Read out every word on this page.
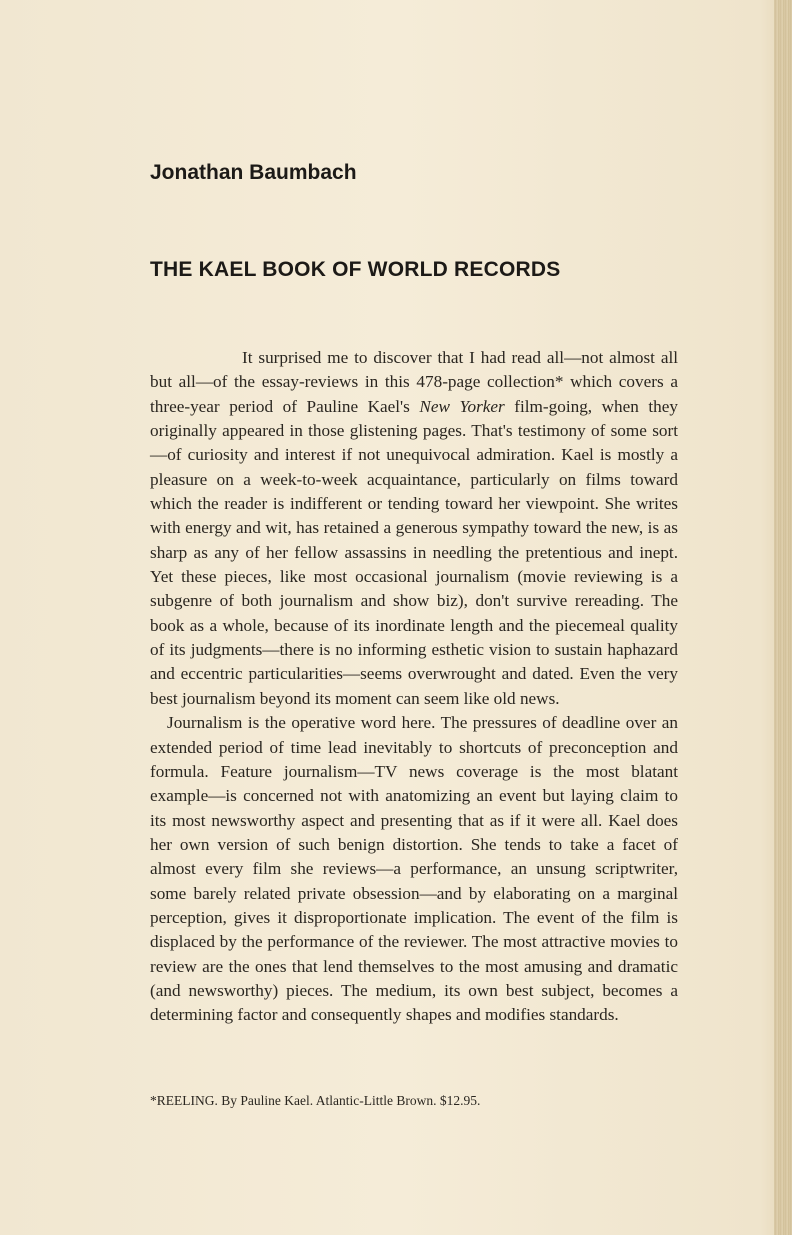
Jonathan Baumbach
THE KAEL BOOK OF WORLD RECORDS

It surprised me to discover that I had read all—not almost all but all—of the essay-reviews in this 478-page collection* which covers a three-year period of Pauline Kael's New Yorker film-going, when they originally appeared in those glistening pages. That's testimony of some sort—of curiosity and interest if not unequivocal admiration. Kael is mostly a pleasure on a week-to-week acquaintance, particularly on films toward which the reader is indifferent or tending toward her viewpoint. She writes with energy and wit, has retained a generous sympathy toward the new, is as sharp as any of her fellow assassins in needling the pretentious and inept. Yet these pieces, like most occasional journalism (movie reviewing is a subgenre of both journalism and show biz), don't survive rereading. The book as a whole, because of its inordinate length and the piecemeal quality of its judgments—there is no informing esthetic vision to sustain haphazard and eccentric particularities—seems overwrought and dated. Even the very best journalism beyond its moment can seem like old news.

Journalism is the operative word here. The pressures of deadline over an extended period of time lead inevitably to shortcuts of preconception and formula. Feature journalism—TV news coverage is the most blatant example—is concerned not with anatomizing an event but laying claim to its most newsworthy aspect and presenting that as if it were all. Kael does her own version of such benign distortion. She tends to take a facet of almost every film she reviews—a performance, an unsung scriptwriter, some barely related private obsession—and by elaborating on a marginal perception, gives it disproportionate implication. The event of the film is displaced by the performance of the reviewer. The most attractive movies to review are the ones that lend themselves to the most amusing and dramatic (and newsworthy) pieces. The medium, its own best subject, becomes a determining factor and consequently shapes and modifies standards.

*REELING. By Pauline Kael. Atlantic-Little Brown. $12.95.
